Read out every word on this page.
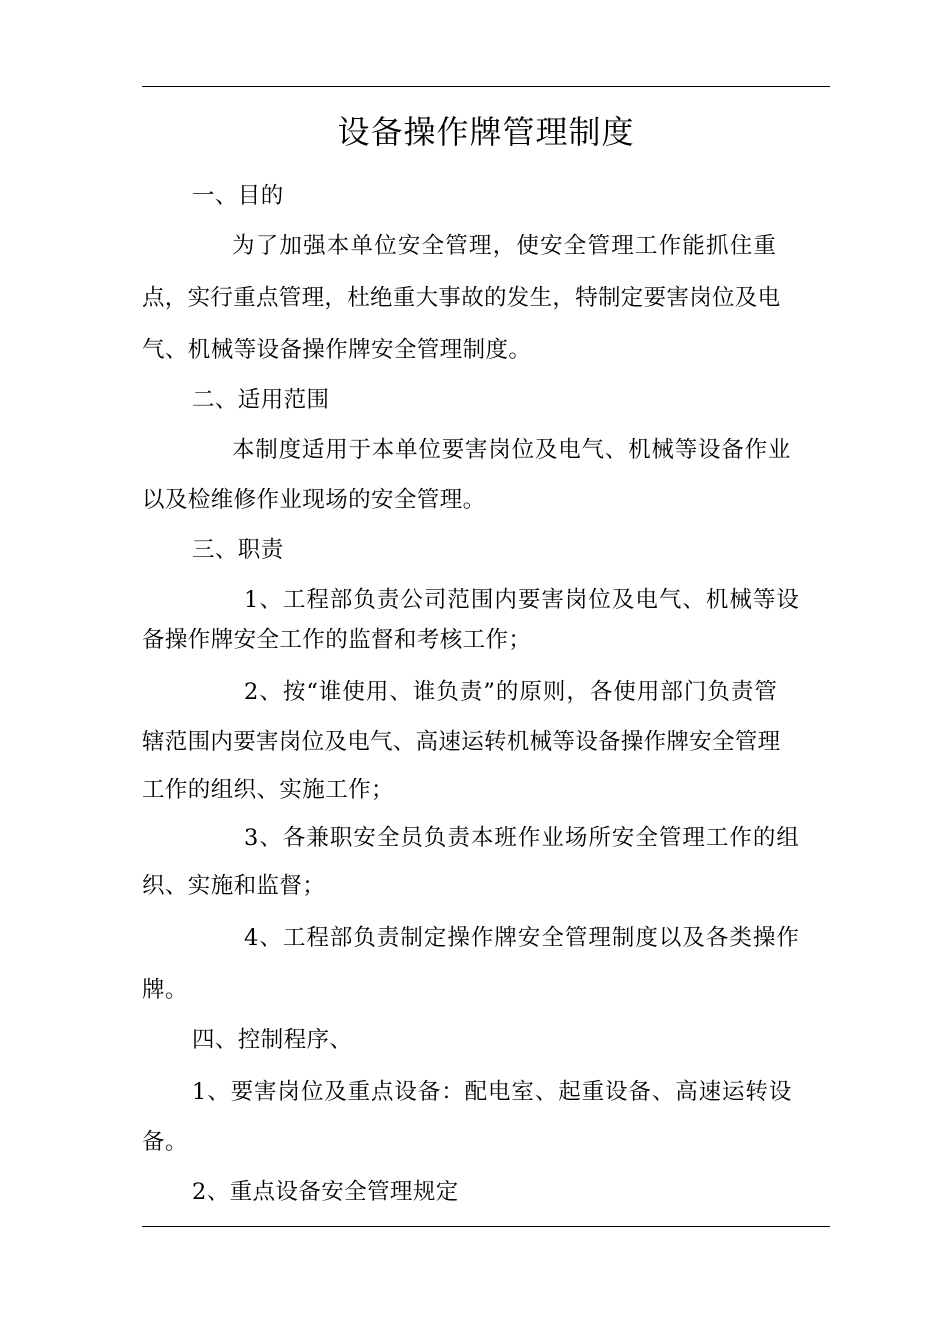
设备操作牌管理制度
一、目的
为了加强本单位安全管理，使安全管理工作能抓住重
点，实行重点管理，杜绝重大事故的发生，特制定要害岗位及电
气、机械等设备操作牌安全管理制度。
二、适用范围
本制度适用于本单位要害岗位及电气、机械等设备作业
以及检维修作业现场的安全管理。
三、职责
1、工程部负责公司范围内要害岗位及电气、机械等设
备操作牌安全工作的监督和考核工作；
2、按“谁使用、谁负责”的原则，各使用部门负责管
辖范围内要害岗位及电气、高速运转机械等设备操作牌安全管理
工作的组织、实施工作；
3、各兼职安全员负责本班作业场所安全管理工作的组
织、实施和监督；
4、工程部负责制定操作牌安全管理制度以及各类操作
牌。
四、控制程序、
1、要害岗位及重点设备：配电室、起重设备、高速运转设
备。
2、重点设备安全管理规定
